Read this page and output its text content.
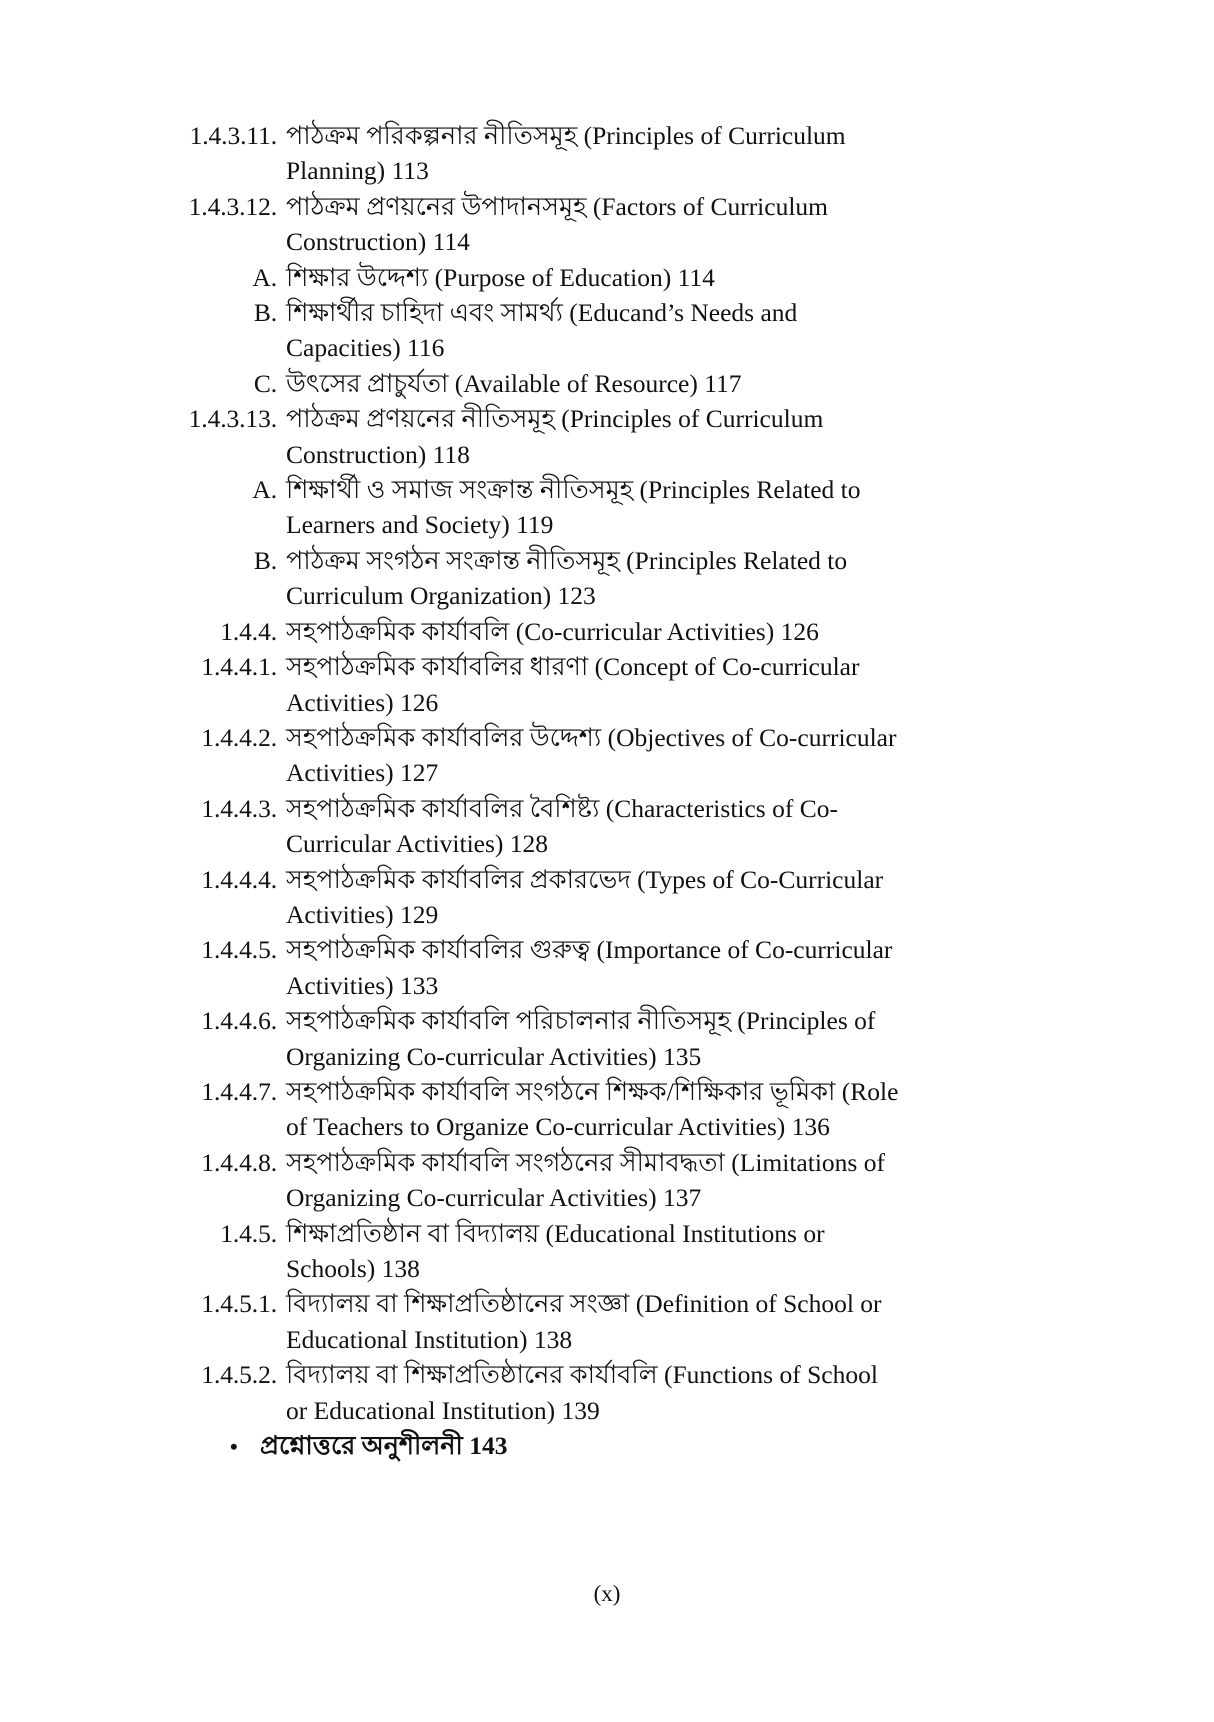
1.4.3.11. পাঠক্রম পরিকল্পনার নীতিসমূহ (Principles of Curriculum Planning) 113
1.4.3.12. পাঠক্রম প্রণয়নের উপাদানসমূহ (Factors of Curriculum Construction) 114
A. শিক্ষার উদ্দেশ্য (Purpose of Education) 114
B. শিক্ষার্থীর চাহিদা এবং সামর্থ্য (Educand’s Needs and Capacities) 116
C. উৎসের প্রাচুর্যতা (Available of Resource) 117
1.4.3.13. পাঠক্রম প্রণয়নের নীতিসমূহ (Principles of Curriculum Construction) 118
A. শিক্ষার্থী ও সমাজ সংক্রান্ত নীতিসমূহ (Principles Related to Learners and Society) 119
B. পাঠক্রম সংগঠন সংক্রান্ত নীতিসমূহ (Principles Related to Curriculum Organization) 123
1.4.4. সহপাঠক্রমিক কার্যাবলি (Co-curricular Activities) 126
1.4.4.1. সহপাঠক্রমিক কার্যাবলির ধারণা (Concept of Co-curricular Activities) 126
1.4.4.2. সহপাঠক্রমিক কার্যাবলির উদ্দেশ্য (Objectives of Co-curricular Activities) 127
1.4.4.3. সহপাঠক্রমিক কার্যাবলির বৈশিষ্ট্য (Characteristics of Co-Curricular Activities) 128
1.4.4.4. সহপাঠক্রমিক কার্যাবলির প্রকারভেদ (Types of Co-Curricular Activities) 129
1.4.4.5. সহপাঠক্রমিক কার্যাবলির গুরুত্ব (Importance of Co-curricular Activities) 133
1.4.4.6. সহপাঠক্রমিক কার্যাবলি পরিচালনার নীতিসমূহ (Principles of Organizing Co-curricular Activities) 135
1.4.4.7. সহপাঠক্রমিক কার্যাবলি সংগঠনে শিক্ষক/শিক্ষিকার ভূমিকা (Role of Teachers to Organize Co-curricular Activities) 136
1.4.4.8. সহপাঠক্রমিক কার্যাবলি সংগঠনের সীমাবদ্ধতা (Limitations of Organizing Co-curricular Activities) 137
1.4.5. শিক্ষাপ্রতিষ্ঠান বা বিদ্যালয় (Educational Institutions or Schools) 138
1.4.5.1. বিদ্যালয় বা শিক্ষাপ্রতিষ্ঠানের সংজ্ঞা (Definition of School or Educational Institution) 138
1.4.5.2. বিদ্যালয় বা শিক্ষাপ্রতিষ্ঠানের কার্যাবলি (Functions of School or Educational Institution) 139
• প্রশ্নোত্তরে অনুশীলনী 143
(x)
